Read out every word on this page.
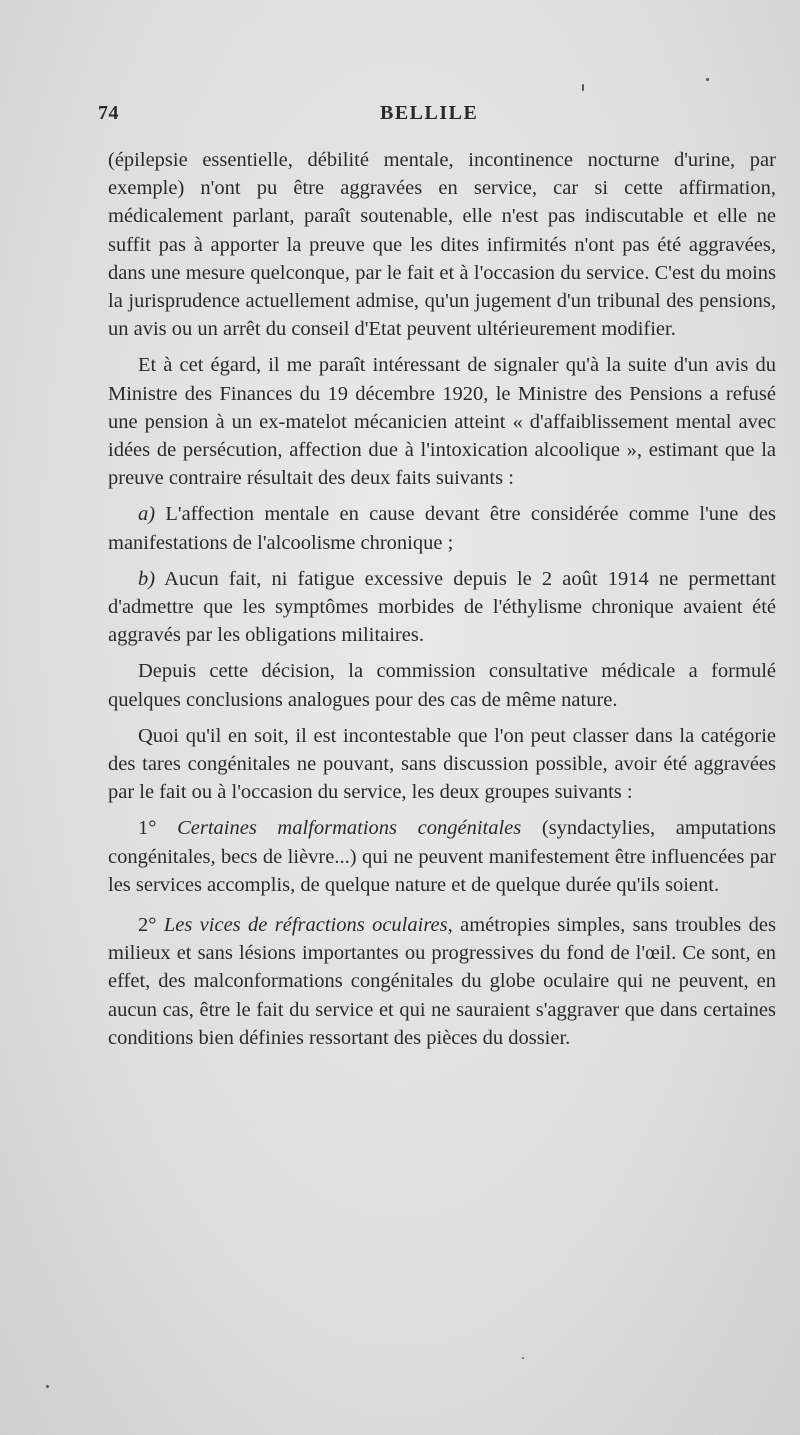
74	BELLILE

(épilepsie essentielle, débilité mentale, incontinence nocturne d'urine, par exemple) n'ont pu être aggravées en service, car si cette affirmation, médicalement parlant, paraît soutenable, elle n'est pas indiscutable et elle ne suffit pas à apporter la preuve que les dites infirmités n'ont pas été aggravées, dans une mesure quelconque, par le fait et à l'occasion du service. C'est du moins la jurisprudence actuellement admise, qu'un jugement d'un tribunal des pensions, un avis ou un arrêt du conseil d'Etat peuvent ultérieurement modifier.

Et à cet égard, il me paraît intéressant de signaler qu'à la suite d'un avis du Ministre des Finances du 19 décembre 1920, le Ministre des Pensions a refusé une pension à un ex-matelot mécanicien atteint « d'affaiblissement mental avec idées de persécution, affection due à l'intoxication alcoolique », estimant que la preuve contraire résultait des deux faits suivants :

a) L'affection mentale en cause devant être considérée comme l'une des manifestations de l'alcoolisme chronique ;

b) Aucun fait, ni fatigue excessive depuis le 2 août 1914 ne permettant d'admettre que les symptômes morbides de l'éthylisme chronique avaient été aggravés par les obligations militaires.

Depuis cette décision, la commission consultative médicale a formulé quelques conclusions analogues pour des cas de même nature.

Quoi qu'il en soit, il est incontestable que l'on peut classer dans la catégorie des tares congénitales ne pouvant, sans discussion possible, avoir été aggravées par le fait ou à l'occasion du service, les deux groupes suivants :

1° Certaines malformations congénitales (syndactylies, amputations congénitales, becs de lièvre...) qui ne peuvent manifestement être influencées par les services accomplis, de quelque nature et de quelque durée qu'ils soient.

2° Les vices de réfractions oculaires, amétropies simples, sans troubles des milieux et sans lésions importantes ou progressives du fond de l'œil. Ce sont, en effet, des malconformations congénitales du globe oculaire qui ne peuvent, en aucun cas, être le fait du service et qui ne sauraient s'aggraver que dans certaines conditions bien définies ressortant des pièces du dossier.
